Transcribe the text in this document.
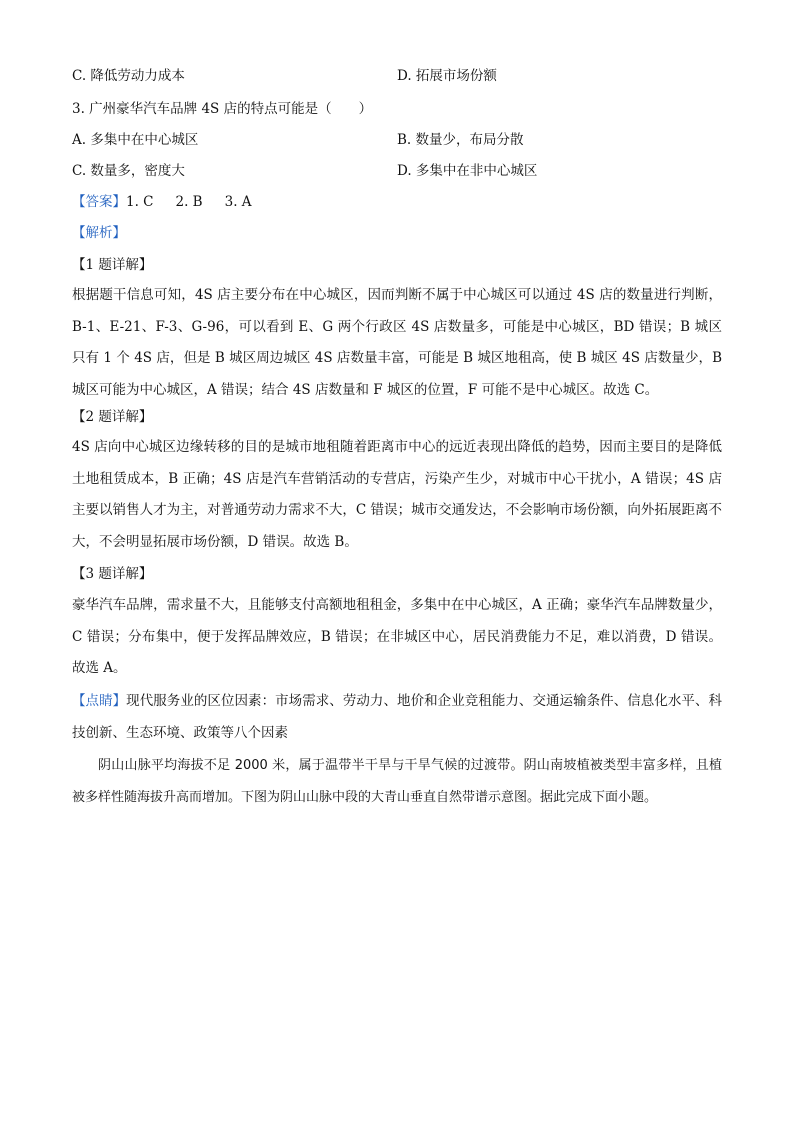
C. 降低劳动力成本	D. 拓展市场份额
3. 广州豪华汽车品牌 4S 店的特点可能是（　　）
A. 多集中在中心城区	B. 数量少，布局分散
C. 数量多，密度大	D. 多集中在非中心城区
【答案】1. C 2. B 3. A
【解析】
【1 题详解】
根据题干信息可知，4S 店主要分布在中心城区，因而判断不属于中心城区可以通过 4S 店的数量进行判断，B-1、E-21、F-3、G-96，可以看到 E、G 两个行政区 4S 店数量多，可能是中心城区，BD 错误；B 城区只有 1 个 4S 店，但是 B 城区周边城区 4S 店数量丰富，可能是 B 城区地租高，使 B 城区 4S 店数量少，B 城区可能为中心城区，A 错误；结合 4S 店数量和 F 城区的位置，F 可能不是中心城区。故选 C。
【2 题详解】
4S 店向中心城区边缘转移的目的是城市地租随着距离市中心的远近表现出降低的趋势，因而主要目的是降低土地租赁成本，B 正确；4S 店是汽车营销活动的专营店，污染产生少，对城市中心干扰小，A 错误；4S 店主要以销售人才为主，对普通劳动力需求不大，C 错误；城市交通发达，不会影响市场份额，向外拓展距离不大，不会明显拓展市场份额，D 错误。故选 B。
【3 题详解】
豪华汽车品牌，需求量不大，且能够支付高额地租租金，多集中在中心城区，A 正确；豪华汽车品牌数量少，C 错误；分布集中，便于发挥品牌效应，B 错误；在非城区中心，居民消费能力不足，难以消费，D 错误。故选 A。
【点睛】现代服务业的区位因素：市场需求、劳动力、地价和企业竞租能力、交通运输条件、信息化水平、科技创新、生态环境、政策等八个因素
阴山山脉平均海拔不足 2000 米，属于温带半干旱与干旱气候的过渡带。阴山南坡植被类型丰富多样，且植被多样性随海拔升高而增加。下图为阴山山脉中段的大青山垂直自然带谱示意图。据此完成下面小题。
